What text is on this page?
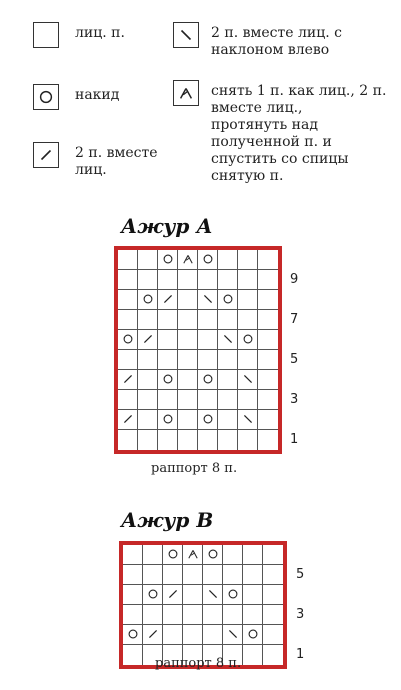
лиц. п.
накид
2 п. вместе
лиц.
2 п. вместе лиц. с
наклоном влево
снять 1 п. как лиц., 2 п.
вместе лиц.,
протянуть над
полученной п. и
спустить со спицы
снятую п.
Ажур А
9
7
5
3
1
раппорт 8 п.
Ажур В
5
3
1
раппорт 8 п.
